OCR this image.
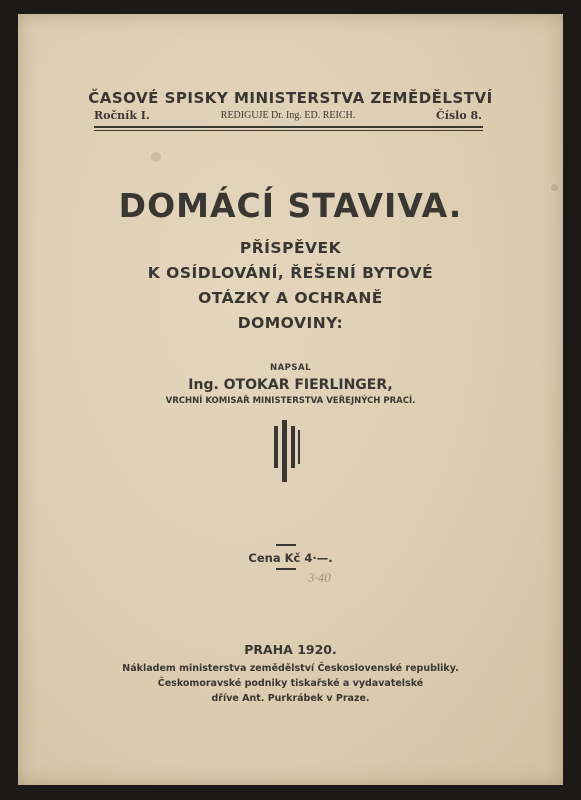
ČASOVÉ SPISKY MINISTERSTVA ZEMĚDĚLSTVÍ
Ročník I.	REDIGUJE Dr. Ing. ED. REICH.	Číslo 8.
DOMÁCÍ STAVIVA.
PŘÍSPĚVEK
K OSÍDLOVÁNÍ, ŘEŠENÍ BYTOVÉ
OTÁZKY A OCHRANĚ
DOMOVINY:
NAPSAL
Ing. OTOKAR FIERLINGER,
VRCHNÍ KOMISAŘ MINISTERSTVA VEŘEJNÝCH PRACÍ.
Cena Kč 4·—.
3·40
PRAHA 1920.
Nákladem ministerstva zemědělství Československé republiky.
Českomoravské podniky tiskařské a vydavatelské
dříve Ant. Purkrábek v Praze.
